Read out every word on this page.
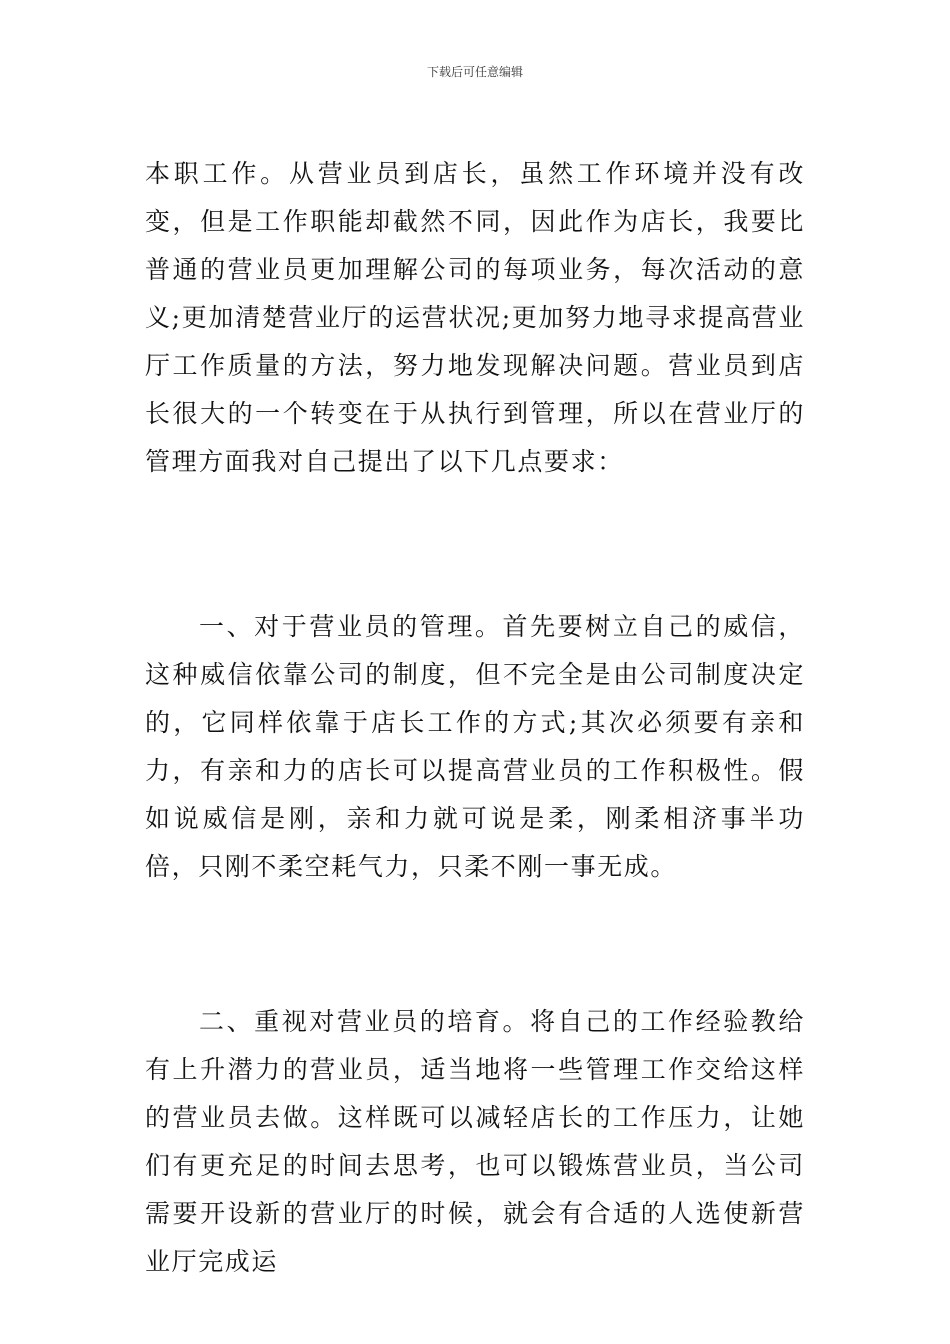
下载后可任意编辑

本职工作。从营业员到店长，虽然工作环境并没有改变，但是工作职能却截然不同，因此作为店长，我要比普通的营业员更加理解公司的每项业务，每次活动的意义;更加清楚营业厅的运营状况;更加努力地寻求提高营业厅工作质量的方法，努力地发现解决问题。营业员到店长很大的一个转变在于从执行到管理，所以在营业厅的管理方面我对自己提出了以下几点要求：

一、对于营业员的管理。首先要树立自己的威信，这种威信依靠公司的制度，但不完全是由公司制度决定的，它同样依靠于店长工作的方式;其次必须要有亲和力，有亲和力的店长可以提高营业员的工作积极性。假如说威信是刚，亲和力就可说是柔，刚柔相济事半功倍，只刚不柔空耗气力，只柔不刚一事无成。

二、重视对营业员的培育。将自己的工作经验教给有上升潜力的营业员，适当地将一些管理工作交给这样的营业员去做。这样既可以减轻店长的工作压力，让她们有更充足的时间去思考，也可以锻炼营业员，当公司需要开设新的营业厅的时候，就会有合适的人选使新营业厅完成运
